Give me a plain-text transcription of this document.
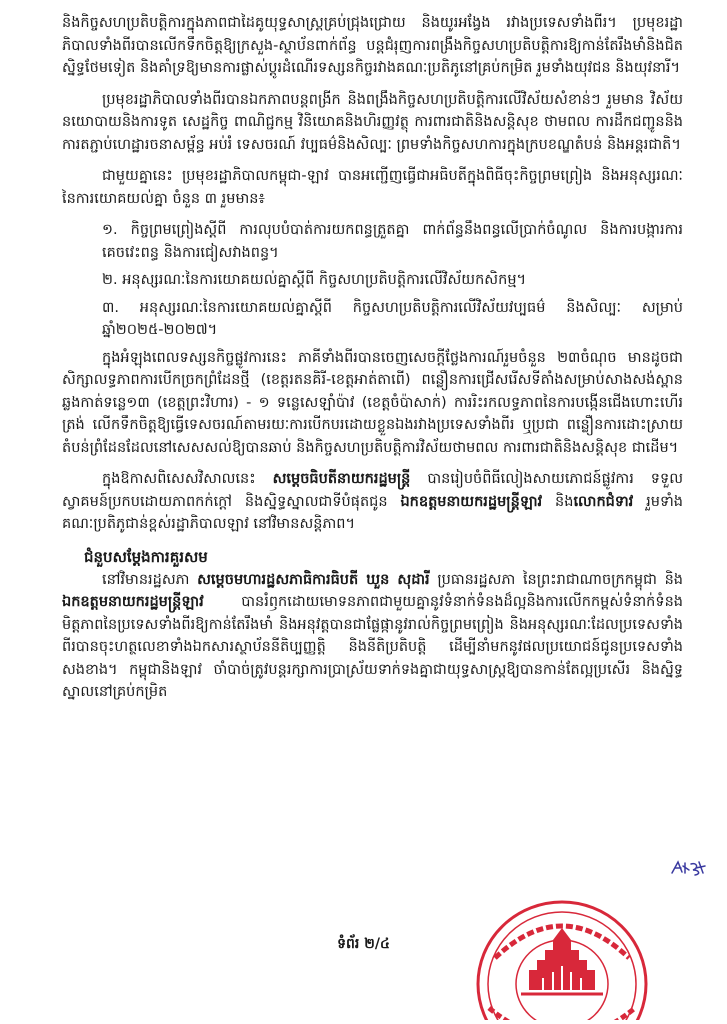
និងកិច្ចសហប្រតិបត្តិការក្នុងភាពជាដៃគូយុទ្ធសាស្ត្រគ្រប់ជ្រុងជ្រោយ និងយូរអង្វែង រវាងប្រទេសទាំងពីរ។ ប្រមុខរដ្ឋាភិបាលទាំងពីរបានលើកទឹកចិត្តឱ្យក្រសួង-ស្ថាប័នពាក់ព័ន្ធ បន្តជំរុញការពង្រឹងកិច្ចសហប្រតិបត្តិការឱ្យកាន់តែរឹងមាំនិងជិតស្និទ្ធថែមទៀត និងគាំទ្រឱ្យមានការផ្លាស់ប្តូរដំណើរទស្សនកិច្ចរវាងគណៈប្រតិភូនៅគ្រប់កម្រិត រួមទាំងយុវជន និងយុវនារី។

ប្រមុខរដ្ឋាភិបាលទាំងពីរបានឯកភាពបន្តពង្រីក និងពង្រឹងកិច្ចសហប្រតិបត្តិការលើវិស័យសំខាន់ៗ រួមមាន វិស័យនយោបាយនិងការទូត សេដ្ឋកិច្ច ពាណិជ្ជកម្ម វិនិយោគនិងហិរញ្ញវត្ថុ ការពារជាតិនិងសន្តិសុខ ថាមពល ការដឹកជញ្ជូននិងការតភ្ជាប់ហេដ្ឋារចនាសម្ព័ន្ធ អប់រំ ទេសចរណ៍ វប្បធម៌និងសិល្បៈ ព្រមទាំងកិច្ចសហការក្នុងក្របខណ្ឌតំបន់ និងអន្តរជាតិ។

ជាមួយគ្នានេះ ប្រមុខរដ្ឋាភិបាលកម្ពុជា-ឡាវ បានអញ្ជើញធ្វើជាអធិបតីក្នុងពិធីចុះកិច្ចព្រមព្រៀង និងអនុស្សរណៈនៃការយោគយល់គ្នា ចំនួន ៣ រួមមាន៖

១. កិច្ចព្រមព្រៀងស្តីពី ការលុបបំបាត់ការយកពន្ធត្រួតគ្នា ពាក់ព័ន្ធនឹងពន្ធលើប្រាក់ចំណូល និងការបង្ការការគេចវេះពន្ធ និងការជៀសវាងពន្ធ។

២. អនុស្សរណៈនៃការយោគយល់គ្នាស្តីពី កិច្ចសហប្រតិបត្តិការលើវិស័យកសិកម្ម។

៣. អនុស្សរណៈនៃការយោគយល់គ្នាស្តីពី កិច្ចសហប្រតិបត្តិការលើវិស័យវប្បធម៌ និងសិល្បៈ សម្រាប់ឆ្នាំ២០២៥-២០២៧។

ក្នុងអំឡុងពេលទស្សនកិច្ចផ្លូវការនេះ ភាគីទាំងពីរបានចេញសេចក្តីថ្លែងការណ៍រួមចំនួន ២៣ចំណុច មានដូចជា សិក្សាលទ្ធភាពការបើកច្រកព្រំដែនថ្មី (ខេត្តរតនគិរី-ខេត្តអាត់តាពើ) ពន្លឿនការជ្រើសរើសទីតាំងសម្រាប់សាងសង់ស្ពានឆ្លងកាត់ទន្លេ១៣ (ខេត្តព្រះវិហារ) - ១ ទន្លេសេឡាំប៉ាវ (ខេត្តចំប៉ាសាក់) ការរិះរកលទ្ធភាពនៃការបង្កើនជើងហោះហើរត្រង់ លើកទឹកចិត្តឱ្យធ្វើទេសចរណ៍តាមរយៈការបើកបរដោយខ្លួនឯងរវាងប្រទេសទាំងពីរ ឬប្រជា ពន្លឿនការដោះស្រាយតំបន់ព្រំដែនដែលនៅសេសសល់ឱ្យបានឆាប់ និងកិច្ចសហប្រតិបត្តិការវិស័យថាមពល ការពារជាតិនិងសន្តិសុខ ជាដើម។

ក្នុងឱកាសពិសេសវិសាលនេះ សម្តេចធិបតីនាយករដ្ឋមន្ត្រី បានរៀបចំពិធីលៀងសាយភោជន៍ផ្លូវការ ទទួលស្វាគមន៍ប្រកបដោយភាពកក់ក្តៅ និងស្និទ្ធស្នាលជាទីបំផុតជូន ឯកឧត្តមនាយករដ្ឋមន្ត្រីឡាវ និងលោកជំទាវ រួមទាំងគណៈប្រតិភូជាន់ខ្ពស់រដ្ឋាភិបាលឡាវ នៅវិមានសន្តិភាព។

ជំនួបសម្តែងការគួរសម

នៅវិមានរដ្ឋសភា សម្តេចមហារដ្ឋសភាធិការធិបតី ឃួន សុដារី ប្រធានរដ្ឋសភា នៃព្រះរាជាណាចក្រកម្ពុជា និងឯកឧត្តមនាយករដ្ឋមន្ត្រីឡាវ បានរំឭកដោយមោទនភាពជាមួយគ្នានូវទំនាក់ទំនងដ៏ល្អនិងការលើកកម្ពស់ទំនាក់ទំនងមិត្តភាពនៃប្រទេសទាំងពីរឱ្យកាន់តែរឹងមាំ និងអនុវត្តបានជាផ្លែផ្កានូវរាល់កិច្ចព្រមព្រៀង និងអនុស្សរណៈដែលប្រទេសទាំងពីរបានចុះហត្ថលេខាទាំងឯកសារស្ថាប័ននីតិប្បញ្ញត្តិ និងនីតិប្រតិបត្តិ ដើម្បីនាំមកនូវផលប្រយោជន៍ជូនប្រទេសទាំងសងខាង។ កម្ពុជានិងឡាវ ចាំបាច់ត្រូវបន្តរក្សាការប្រាស្រ័យទាក់ទងគ្នាជាយុទ្ធសាស្ត្រឱ្យបានកាន់តែល្អប្រសើរ និងស្និទ្ធស្នាលនៅគ្រប់កម្រិត

ទំព័រ ២/៤
